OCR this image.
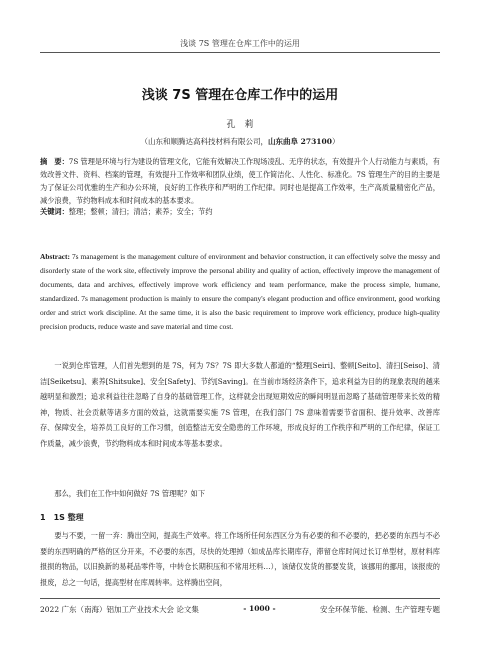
浅谈 7S 管理在仓库工作中的运用
浅谈 7S 管理在仓库工作中的运用
孔　莉
（山东和顺腾达高科技材料有限公司，山东曲阜 273100）
摘　要：7S 管理是环境与行为建设的管理文化，它能有效解决工作现场凌乱、无序的状态，有效提升个人行动能力与素质，有效改善文件、资料、档案的管理，有效提升工作效率和团队业绩，使工作简洁化、人性化、标准化。7S 管理生产的目的主要是为了保证公司优雅的生产和办公环境，良好的工作秩序和严明的工作纪律。同时也是提高工作效率，生产高质量精密化产品，减少浪费，节约物料成本和时间成本的基本要求。
关键词：整理；整顿；清扫；清洁；素养；安全；节约
Abstract: 7s management is the management culture of environment and behavior construction, it can effectively solve the messy and disorderly state of the work site, effectively improve the personal ability and quality of action, effectively improve the management of documents, data and archives, effectively improve work efficiency and team performance, make the process simple, humane, standardized. 7s management production is mainly to ensure the company's elegant production and office environment, good working order and strict work discipline. At the same time, it is also the basic requirement to improve work efficiency, produce high-quality precision products, reduce waste and save material and time cost.
一说到仓库管理，人们首先想到的是 7S，何为 7S？7S 即大多数人都道的“整理[Seiri]、整顿[Seito]、清扫[Seiso]、清洁[Seiketsu]、素养[Shitsuke]、安全[Safety]、节约[Saving]。在当前市场经济条件下，追求利益为目的的现象表现的越来越明显和激烈；追求利益往往忽略了自身的基础管理工作，这样就会出现短期效应的瞬间明显而忽略了基础管理带来长效的精神，物质、社会贡献等诸多方面的效益，这就需要实施 7S 管理，在我们部门 7S 意味着需要节省面积、提升效率、改善库存、保障安全，培养员工良好的工作习惯，创造整洁无安全隐患的工作环境，形成良好的工作秩序和严明的工作纪律，保证工作质量，减少浪费，节约物料成本和时间成本等基本要求。
那么，我们在工作中如何做好 7S 管理呢？如下
1　1S 整理
要与不要，一留一弃：腾出空间，提高生产效率。将工作场所任何东西区分为有必要的和不必要的，把必要的东西与不必要的东西明确的严格的区分开来，不必要的东西，尽快的处理掉（如成品库长期库存，滞留仓库时间过长订单型材，原材料库报损的物品，以旧换新的易耗品零件等，中转仓长期积压和不常用坯料…），该储仅发货的都要发货，该挪用的挪用，该报废的报废，总之一句话，提高型材在库周转率。这样腾出空间，
2022 广东（南海）铝加工产业技术大会 论文集	- 1000 -	安全环保节能、检测、生产管理专题
